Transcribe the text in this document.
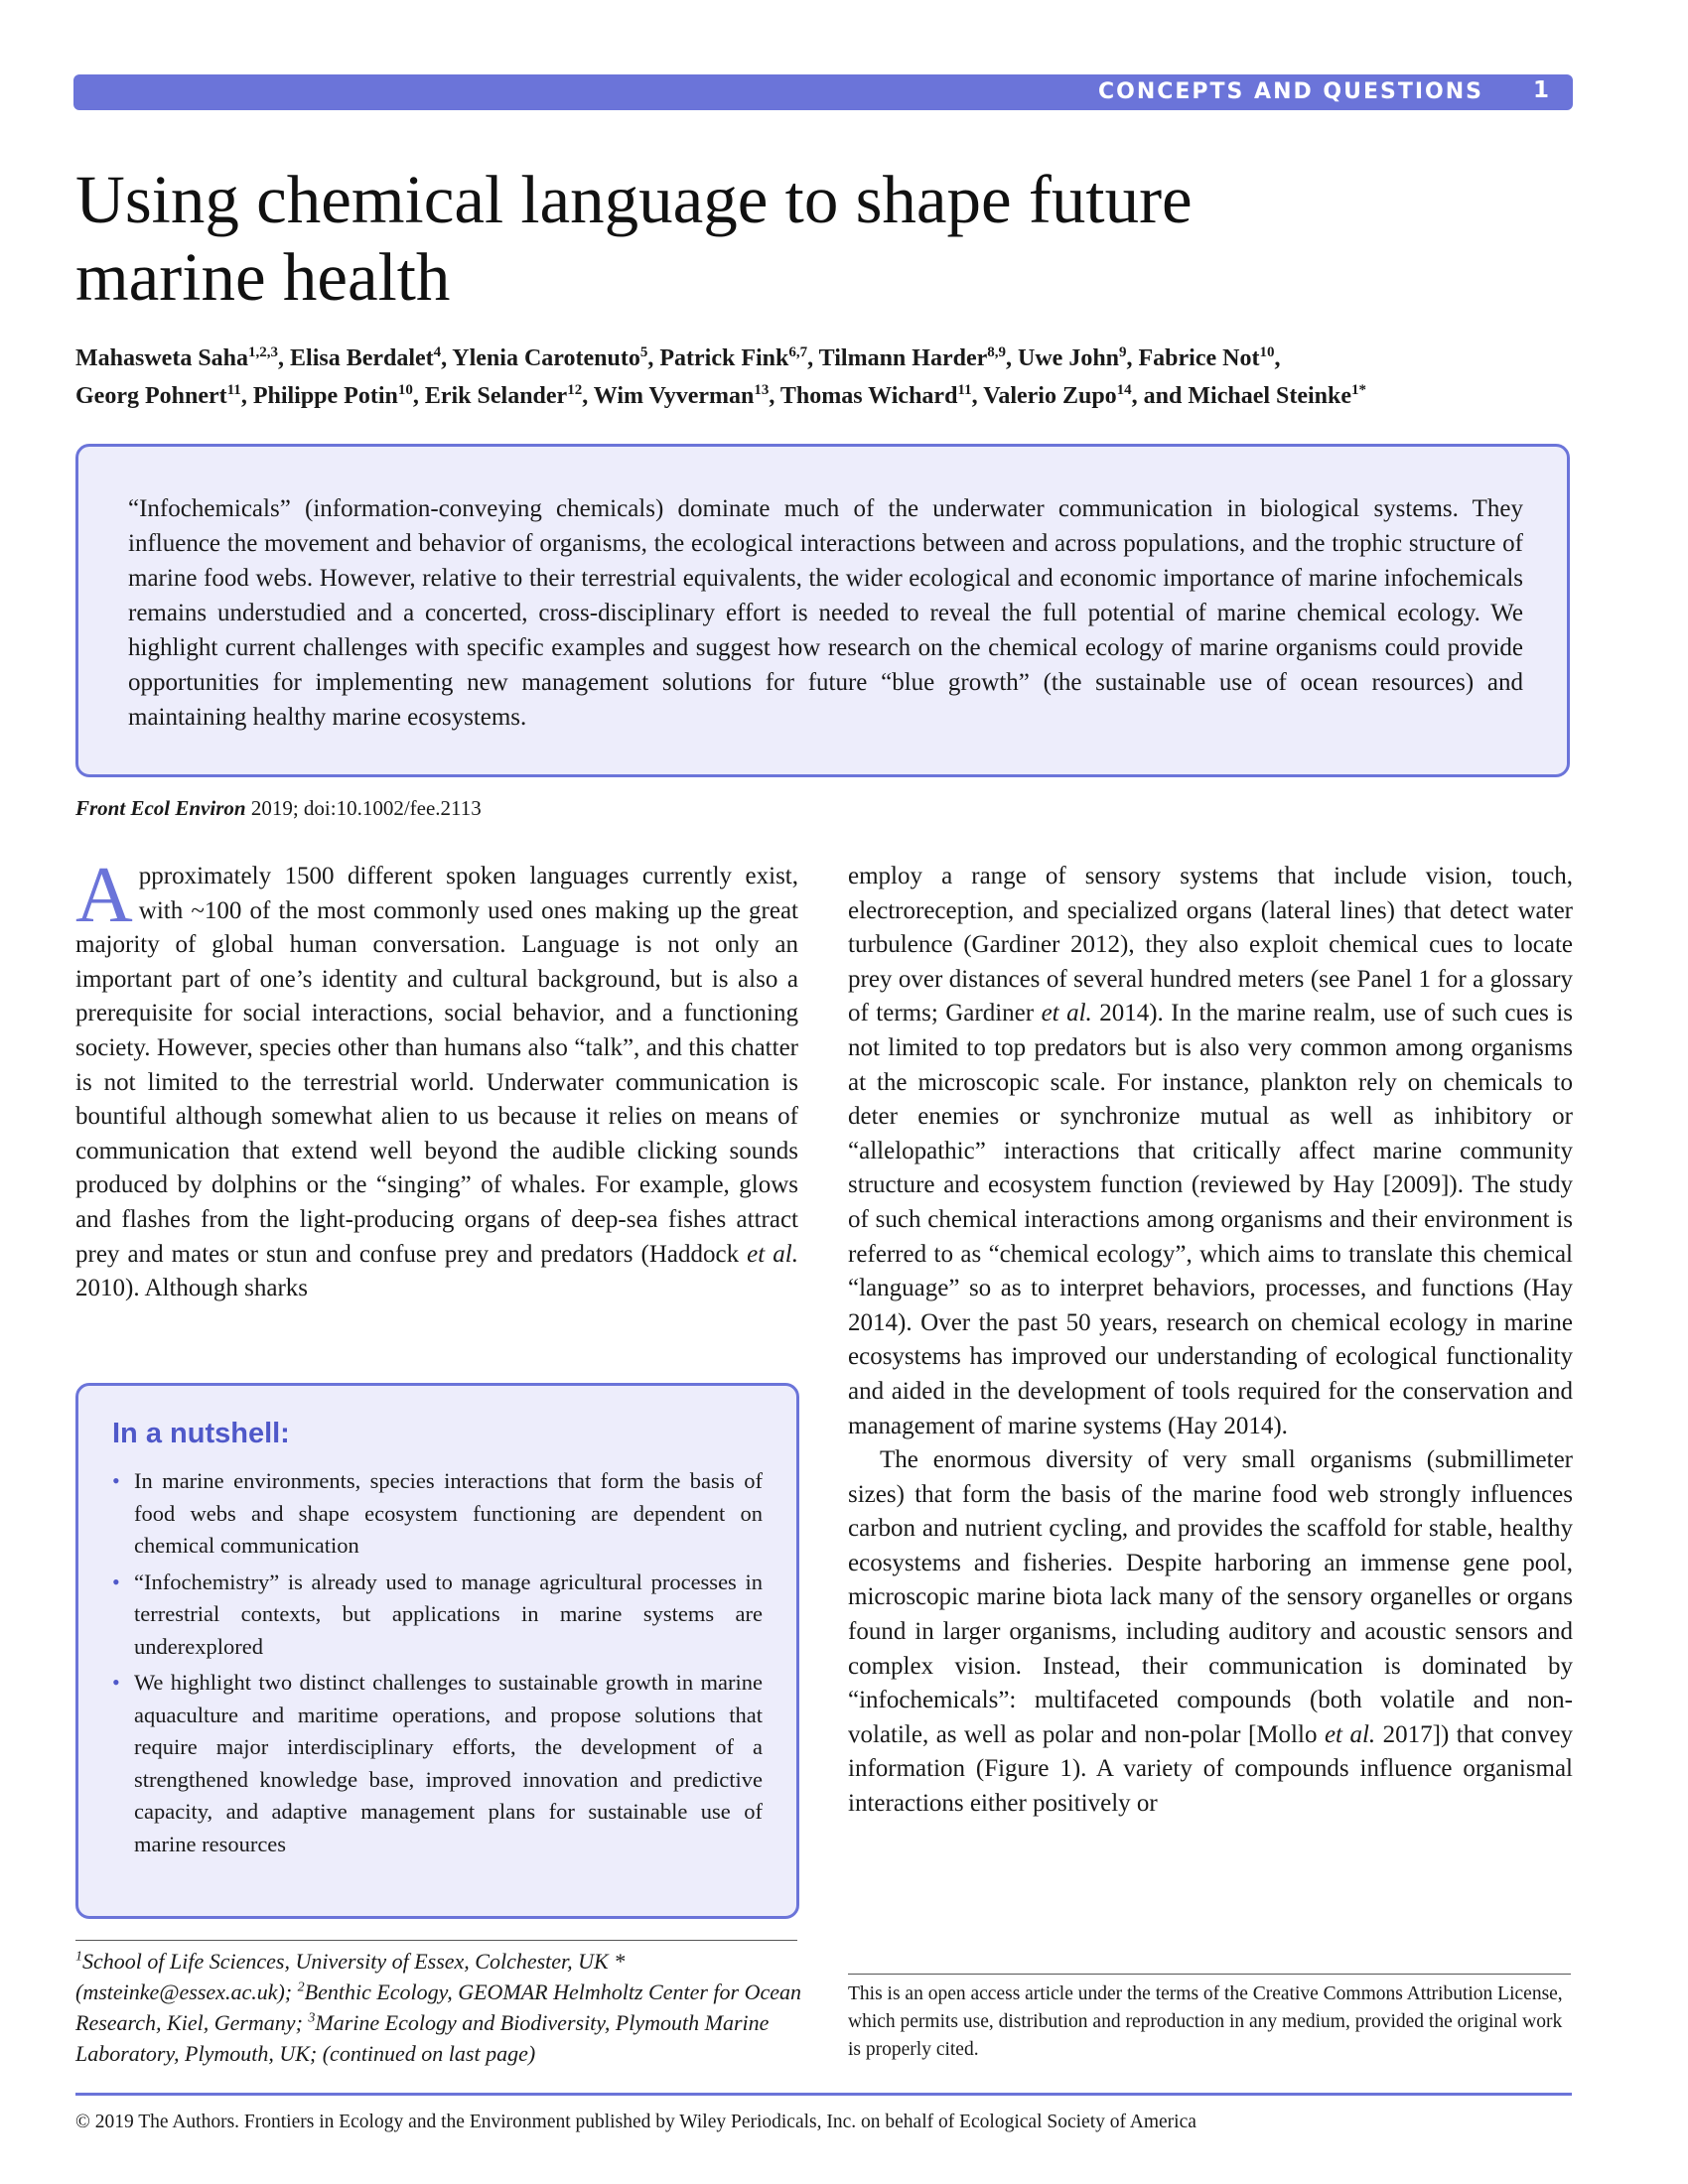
CONCEPTS AND QUESTIONS 1
Using chemical language to shape future
marine health

Mahasweta Saha$^{1,2,3}$, Elisa Berdalet$^4$, Ylenia Carotenuto$^5$, Patrick Fink$^{6,7}$, Tilmann Harder$^{8,9}$, Uwe John$^9$, Fabrice Not$^{10}$,
Georg Pohnert$^{11}$, Philippe Potin$^{10}$, Erik Selander$^{12}$, Wim Vyverman$^{13}$, Thomas Wichard$^{11}$, Valerio Zupo$^{14}$, and Michael Steinke$^{1*}$

“Infochemicals” (information-conveying chemicals) dominate much of the underwater communication in biological systems. They influence the movement and behavior of organisms, the ecological interactions between and across populations, and the trophic structure of marine food webs. However, relative to their terrestrial equivalents, the wider ecological and economic importance of marine infochemicals remains understudied and a concerted, cross-disciplinary effort is needed to reveal the full potential of marine chemical ecology. We highlight current challenges with specific examples and suggest how research on the chemical ecology of marine organisms could provide opportunities for implementing new management solutions for future “blue growth” (the sustainable use of ocean resources) and maintaining healthy marine ecosystems.

Front Ecol Environ 2019; doi:10.1002/fee.2113

Approximately 1500 different spoken languages currently exist, with ~100 of the most commonly used ones making up the great majority of global human conversation. Language is not only an important part of one’s identity and cultural background, but is also a prerequisite for social interactions, social behavior, and a functioning society. However, species other than humans also “talk”, and this chatter is not limited to the terrestrial world. Underwater communication is bountiful although somewhat alien to us because it relies on means of communication that extend well beyond the audible clicking sounds produced by dolphins or the “singing” of whales. For example, glows and flashes from the light-producing organs of deep-sea fishes attract prey and mates or stun and confuse prey and predators (Haddock et al. 2010). Although sharks

In a nutshell:
• In marine environments, species interactions that form the basis of food webs and shape ecosystem functioning are dependent on chemical communication
• “Infochemistry” is already used to manage agricultural processes in terrestrial contexts, but applications in marine systems are underexplored
• We highlight two distinct challenges to sustainable growth in marine aquaculture and maritime operations, and propose solutions that require major interdisciplinary efforts, the development of a strengthened knowledge base, improved innovation and predictive capacity, and adaptive management plans for sustainable use of marine resources

$^1$School of Life Sciences, University of Essex, Colchester, UK *(msteinke@essex.ac.uk); $^2$Benthic Ecology, GEOMAR Helmholtz Center for Ocean Research, Kiel, Germany; $^3$Marine Ecology and Biodiversity, Plymouth Marine Laboratory, Plymouth, UK; (continued on last page)

employ a range of sensory systems that include vision, touch, electroreception, and specialized organs (lateral lines) that detect water turbulence (Gardiner 2012), they also exploit chemical cues to locate prey over distances of several hundred meters (see Panel 1 for a glossary of terms; Gardiner et al. 2014). In the marine realm, use of such cues is not limited to top predators but is also very common among organisms at the microscopic scale. For instance, plankton rely on chemicals to deter enemies or synchronize mutual as well as inhibitory or “allelopathic” interactions that critically affect marine community structure and ecosystem function (reviewed by Hay [2009]). The study of such chemical interactions among organisms and their environment is referred to as “chemical ecology”, which aims to translate this chemical “language” so as to interpret behaviors, processes, and functions (Hay 2014). Over the past 50 years, research on chemical ecology in marine ecosystems has improved our understanding of ecological functionality and aided in the development of tools required for the conservation and management of marine systems (Hay 2014).

The enormous diversity of very small organisms (submillimeter sizes) that form the basis of the marine food web strongly influences carbon and nutrient cycling, and provides the scaffold for stable, healthy ecosystems and fisheries. Despite harboring an immense gene pool, microscopic marine biota lack many of the sensory organelles or organs found in larger organisms, including auditory and acoustic sensors and complex vision. Instead, their communication is dominated by “infochemicals”: multifaceted compounds (both volatile and non-volatile, as well as polar and non-polar [Mollo et al. 2017]) that convey information (Figure 1). A variety of compounds influence organismal interactions either positively or

This is an open access article under the terms of the Creative Commons Attribution License, which permits use, distribution and reproduction in any medium, provided the original work is properly cited.

© 2019 The Authors. Frontiers in Ecology and the Environment published by Wiley Periodicals, Inc. on behalf of Ecological Society of America
